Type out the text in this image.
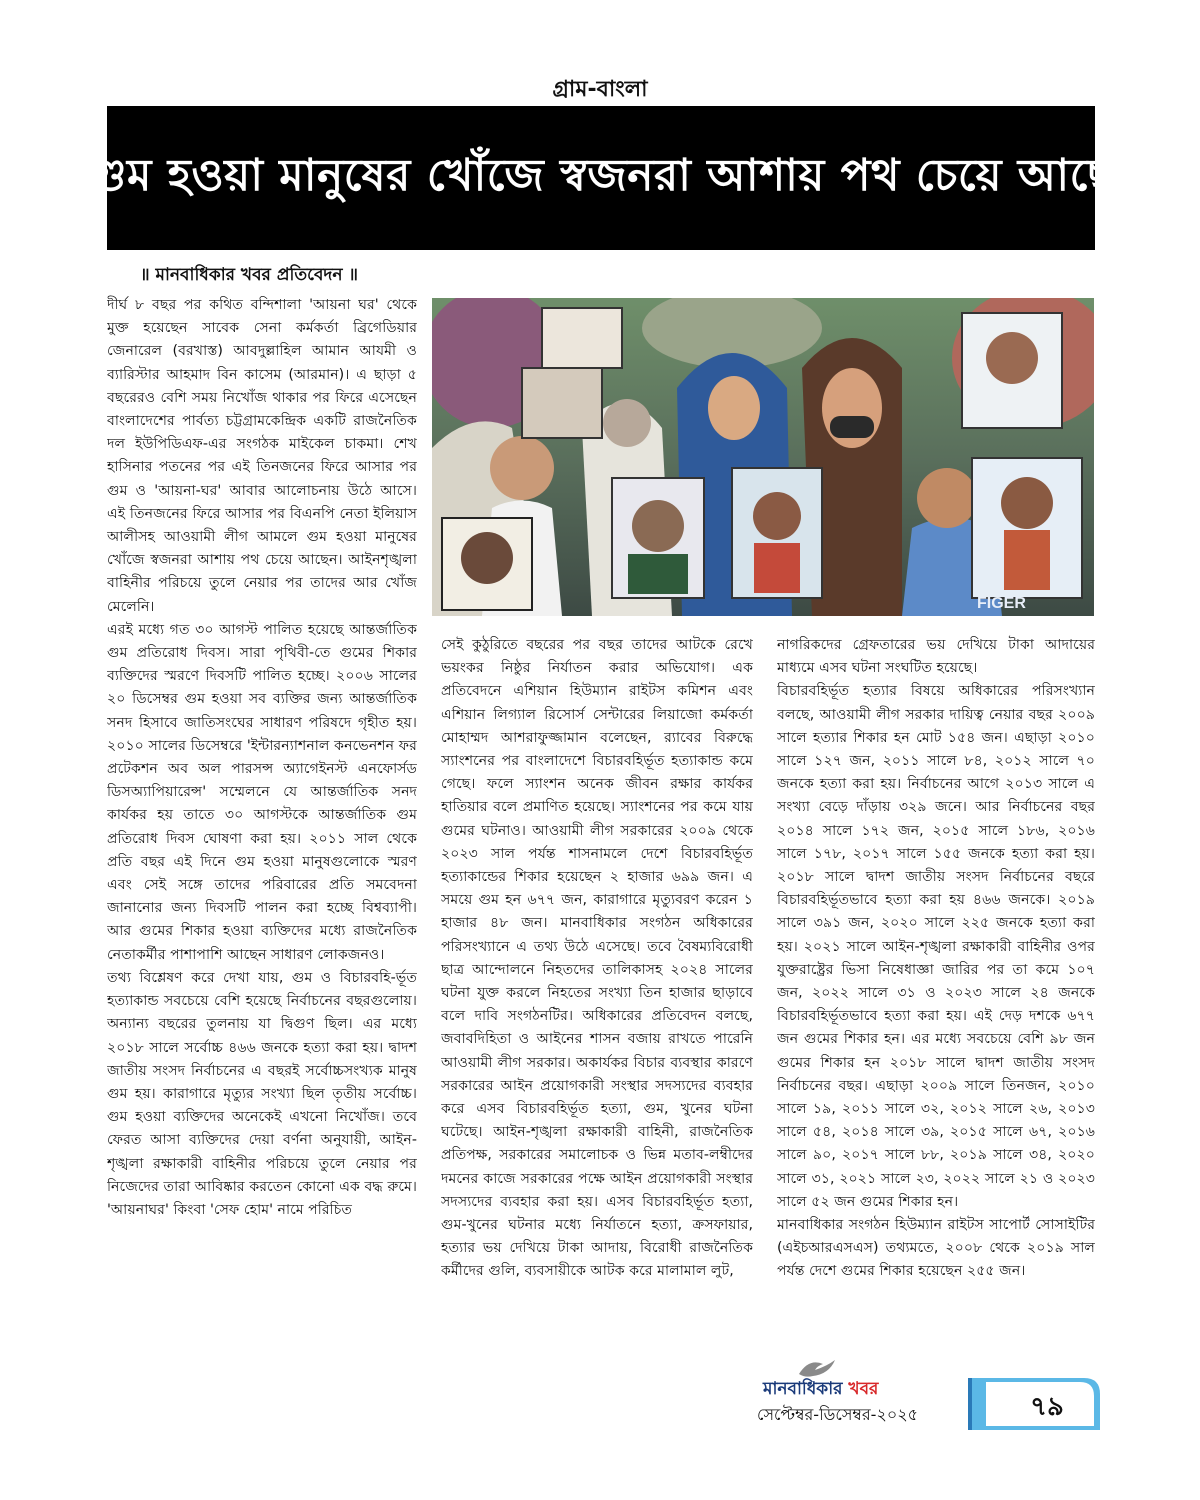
গ্রাম-বাংলা
গুম হওয়া মানুষের খোঁজে স্বজনরা আশায় পথ চেয়ে আছে
॥ মানবাধিকার খবর প্রতিবেদন ॥

দীর্ঘ ৮ বছর পর কথিত বন্দিশালা 'আয়না ঘর' থেকে মুক্ত হয়েছেন সাবেক সেনা কর্মকর্তা ব্রিগেডিয়ার জেনারেল (বরখাস্ত) আবদুল্লাহিল আমান আযমী ও ব্যারিস্টার আহমাদ বিন কাসেম (আরমান)। এ ছাড়া ৫ বছরেরও বেশি সময় নিখোঁজ থাকার পর ফিরে এসেছেন বাংলাদেশের পার্বত্য চট্টগ্রামকেন্দ্রিক একটি রাজনৈতিক দল ইউপিডিএফ-এর সংগঠক মাইকেল চাকমা। শেখ হাসিনার পতনের পর এই তিনজনের ফিরে আসার পর গুম ও 'আয়না-ঘর' আবার আলোচনায় উঠে আসে। এই তিনজনের ফিরে আসার পর বিএনপি নেতা ইলিয়াস আলীসহ আওয়ামী লীগ আমলে গুম হওয়া মানুষের খোঁজে স্বজনরা আশায় পথ চেয়ে আছেন। আইনশৃঙ্খলা বাহিনীর পরিচয়ে তুলে নেয়ার পর তাদের আর খোঁজ মেলেনি।

এরই মধ্যে গত ৩০ আগস্ট পালিত হয়েছে আন্তর্জাতিক গুম প্রতিরোধ দিবস। সারা পৃথিবী-তে গুমের শিকার ব্যক্তিদের স্মরণে দিবসটি পালিত হচ্ছে। ২০০৬ সালের ২০ ডিসেম্বর গুম হওয়া সব ব্যক্তির জন্য আন্তর্জাতিক সনদ হিসাবে জাতিসংঘের সাধারণ পরিষদে গৃহীত হয়। ২০১০ সালের ডিসেম্বরে 'ইন্টারন্যাশনাল কনভেনশন ফর প্রটেকশন অব অল পারসন্স অ্যাগেইনস্ট এনফোর্সড ডিসঅ্যাপিয়ারেন্স' সম্মেলনে যে আন্তর্জাতিক সনদ কার্যকর হয় তাতে ৩০ আগস্টকে আন্তর্জাতিক গুম প্রতিরোধ দিবস ঘোষণা করা হয়। ২০১১ সাল থেকে প্রতি বছর এই দিনে গুম হওয়া মানুষগুলোকে স্মরণ এবং সেই সঙ্গে তাদের পরিবারের প্রতি সমবেদনা জানানোর জন্য দিবসটি পালন করা হচ্ছে বিশ্বব্যাপী। আর গুমের শিকার হওয়া ব্যক্তিদের মধ্যে রাজনৈতিক নেতাকর্মীর পাশাপাশি আছেন সাধারণ লোকজনও।

তথ্য বিশ্লেষণ করে দেখা যায়, গুম ও বিচারবহি-র্ভূত হত্যাকান্ড সবচেয়ে বেশি হয়েছে নির্বাচনের বছরগুলোয়। অন্যান্য বছরের তুলনায় যা দ্বিগুণ ছিল। এর মধ্যে ২০১৮ সালে সর্বোচ্চ ৪৬৬ জনকে হত্যা করা হয়। দ্বাদশ জাতীয় সংসদ নির্বাচনের এ বছরই সর্বোচ্চসংখ্যক মানুষ গুম হয়। কারাগারে মৃত্যুর সংখ্যা ছিল তৃতীয় সর্বোচ্চ। গুম হওয়া ব্যক্তিদের অনেকেই এখনো নিখোঁজ। তবে ফেরত আসা ব্যক্তিদের দেয়া বর্ণনা অনুযায়ী, আইন-শৃঙ্খলা রক্ষাকারী বাহিনীর পরিচয়ে তুলে নেয়ার পর নিজেদের তারা আবিষ্কার করতেন কোনো এক বদ্ধ রুমে। 'আয়নাঘর' কিংবা 'সেফ হোম' নামে পরিচিত

FIGER

সেই কুঠুরিতে বছরের পর বছর তাদের আটকে রেখে ভয়ংকর নিষ্ঠুর নির্যাতন করার অভিযোগ। এক প্রতিবেদনে এশিয়ান হিউম্যান রাইটস কমিশন এবং এশিয়ান লিগ্যাল রিসোর্স সেন্টারের লিয়াজো কর্মকর্তা মোহাম্মদ আশরাফুজ্জামান বলেছেন, র‌্যাবের বিরুদ্ধে স্যাংশনের পর বাংলাদেশে বিচারবহির্ভূত হত্যাকান্ড কমে গেছে। ফলে স্যাংশন অনেক জীবন রক্ষার কার্যকর হাতিয়ার বলে প্রমাণিত হয়েছে। স্যাংশনের পর কমে যায় গুমের ঘটনাও। আওয়ামী লীগ সরকারের ২০০৯ থেকে ২০২৩ সাল পর্যন্ত শাসনামলে দেশে বিচারবহির্ভূত হত্যাকান্ডের শিকার হয়েছেন ২ হাজার ৬৯৯ জন। এ সময়ে গুম হন ৬৭৭ জন, কারাগারে মৃত্যুবরণ করেন ১ হাজার ৪৮ জন। মানবাধিকার সংগঠন অধিকারের পরিসংখ্যানে এ তথ্য উঠে এসেছে। তবে বৈষম্যবিরোধী ছাত্র আন্দোলনে নিহতদের তালিকাসহ ২০২৪ সালের ঘটনা যুক্ত করলে নিহতের সংখ্যা তিন হাজার ছাড়াবে বলে দাবি সংগঠনটির। অধিকারের প্রতিবেদন বলছে, জবাবদিহিতা ও আইনের শাসন বজায় রাখতে পারেনি আওয়ামী লীগ সরকার। অকার্যকর বিচার ব্যবস্থার কারণে সরকারের আইন প্রয়োগকারী সংস্থার সদস্যদের ব্যবহার করে এসব বিচারবহির্ভূত হত্যা, গুম, খুনের ঘটনা ঘটেছে। আইন-শৃঙ্খলা রক্ষাকারী বাহিনী, রাজনৈতিক প্রতিপক্ষ, সরকারের সমালোচক ও ভিন্ন মতাব-লম্বীদের দমনের কাজে সরকারের পক্ষে আইন প্রয়োগকারী সংস্থার সদস্যদের ব্যবহার করা হয়। এসব বিচারবহির্ভূত হত্যা, গুম-খুনের ঘটনার মধ্যে নির্যাতনে হত্যা, ক্রসফায়ার, হত্যার ভয় দেখিয়ে টাকা আদায়, বিরোধী রাজনৈতিক কর্মীদের গুলি, ব্যবসায়ীকে আটক করে মালামাল লুট,

নাগরিকদের গ্রেফতারের ভয় দেখিয়ে টাকা আদায়ের মাধ্যমে এসব ঘটনা সংঘটিত হয়েছে।

বিচারবহির্ভূত হত্যার বিষয়ে অধিকারের পরিসংখ্যান বলছে, আওয়ামী লীগ সরকার দায়িত্ব নেয়ার বছর ২০০৯ সালে হত্যার শিকার হন মোট ১৫৪ জন। এছাড়া ২০১০ সালে ১২৭ জন, ২০১১ সালে ৮৪, ২০১২ সালে ৭০ জনকে হত্যা করা হয়। নির্বাচনের আগে ২০১৩ সালে এ সংখ্যা বেড়ে দাঁড়ায় ৩২৯ জনে। আর নির্বাচনের বছর ২০১৪ সালে ১৭২ জন, ২০১৫ সালে ১৮৬, ২০১৬ সালে ১৭৮, ২০১৭ সালে ১৫৫ জনকে হত্যা করা হয়। ২০১৮ সালে দ্বাদশ জাতীয় সংসদ নির্বাচনের বছরে বিচারবহির্ভূতভাবে হত্যা করা হয় ৪৬৬ জনকে। ২০১৯ সালে ৩৯১ জন, ২০২০ সালে ২২৫ জনকে হত্যা করা হয়। ২০২১ সালে আইন-শৃঙ্খলা রক্ষাকারী বাহিনীর ওপর যুক্তরাষ্ট্রের ভিসা নিষেধাজ্ঞা জারির পর তা কমে ১০৭ জন, ২০২২ সালে ৩১ ও ২০২৩ সালে ২৪ জনকে বিচারবহির্ভূতভাবে হত্যা করা হয়। এই দেড় দশকে ৬৭৭ জন গুমের শিকার হন। এর মধ্যে সবচেয়ে বেশি ৯৮ জন গুমের শিকার হন ২০১৮ সালে দ্বাদশ জাতীয় সংসদ নির্বাচনের বছর। এছাড়া ২০০৯ সালে তিনজন, ২০১০ সালে ১৯, ২০১১ সালে ৩২, ২০১২ সালে ২৬, ২০১৩ সালে ৫৪, ২০১৪ সালে ৩৯, ২০১৫ সালে ৬৭, ২০১৬ সালে ৯০, ২০১৭ সালে ৮৮, ২০১৯ সালে ৩৪, ২০২০ সালে ৩১, ২০২১ সালে ২৩, ২০২২ সালে ২১ ও ২০২৩ সালে ৫২ জন গুমের শিকার হন।

মানবাধিকার সংগঠন হিউম্যান রাইটস সাপোর্ট সোসাইটির (এইচআরএসএস) তথ্যমতে, ২০০৮ থেকে ২০১৯ সাল পর্যন্ত দেশে গুমের শিকার হয়েছেন ২৫৫ জন।

মানবাধিকার খবর
সেপ্টেম্বর-ডিসেম্বর-২০২৫	৭৯
